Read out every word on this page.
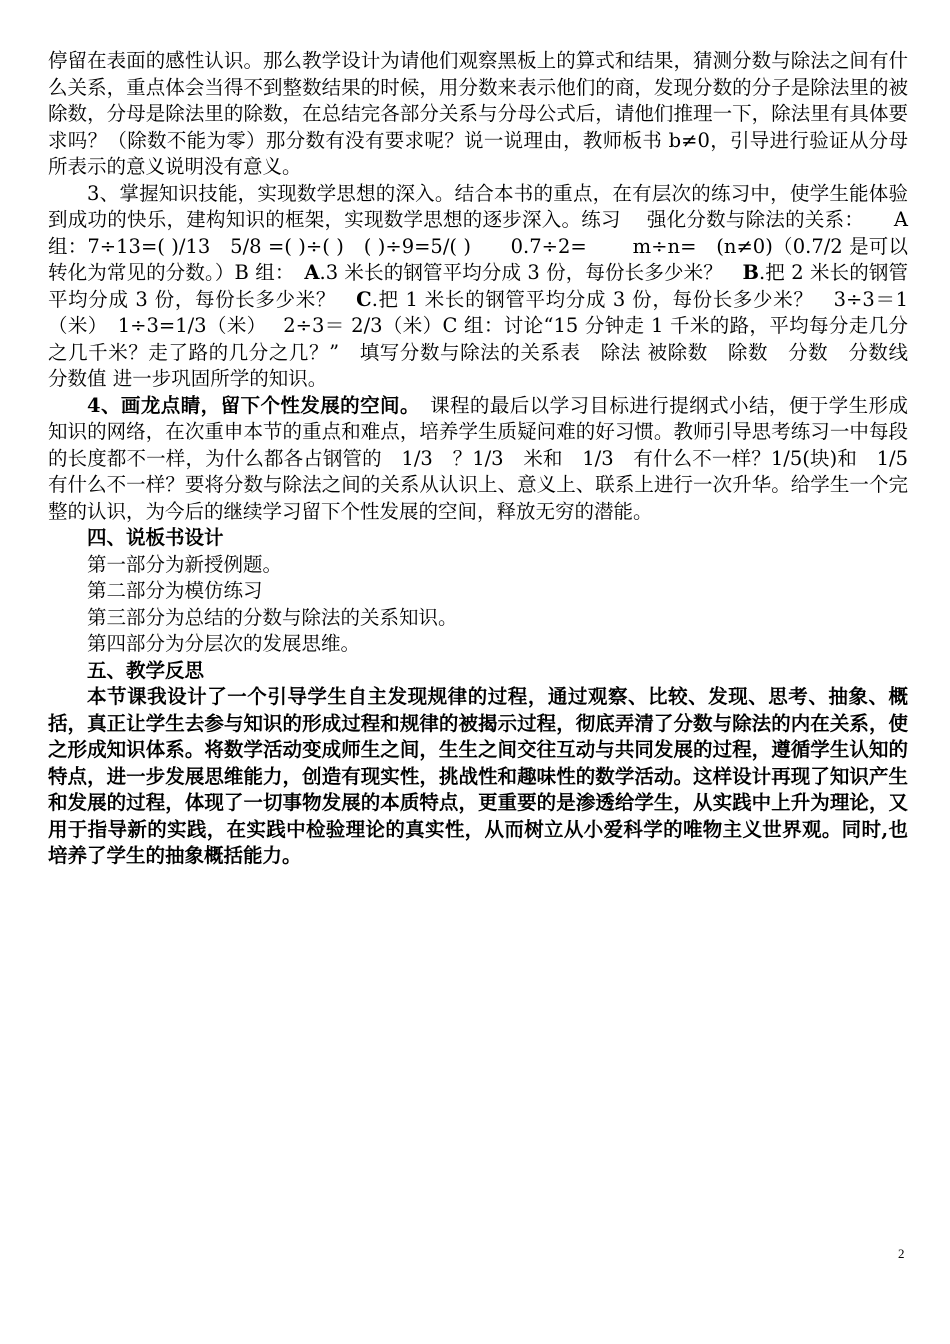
停留在表面的感性认识。那么教学设计为请他们观察黑板上的算式和结果，猜测分数与除法之间有什么关系，重点体会当得不到整数结果的时候，用分数来表示他们的商，发现分数的分子是除法里的被除数，分母是除法里的除数，在总结完各部分关系与分母公式后，请他们推理一下，除法里有具体要求吗？（除数不能为零）那分数有没有要求呢？说一说理由，教师板书 b≠0，引导进行验证从分母所表示的意义说明没有意义。

3、掌握知识技能，实现数学思想的深入。结合本书的重点，在有层次的练习中，使学生能体验到成功的快乐，建构知识的框架，实现数学思想的逐步深入。练习　 强化分数与除法的关系：　　A 组：7÷13=( )/13　5/8 =( )÷( )　( )÷9=5/( )　　0.7÷2=　　 m÷n=　(n≠0)（0.7/2 是可以转化为常见的分数。）B 组：　A.3 米长的钢管平均分成 3 份，每份长多少米？　B.把 2 米长的钢管平均分成 3 份，每份长多少米？　C.把 1 米长的钢管平均分成 3 份，每份长多少米？　3÷3＝1（米）　1÷3=1/3（米）　 2÷3＝ 2/3（米）C 组：讨论“15 分钟走 1 千米的路，平均每分走几分之几千米？走了路的几分之几？”　填写分数与除法的关系表　除法 被除数　除数　分数　分数线　分数值 进一步巩固所学的知识。

4、画龙点睛，留下个性发展的空间。　课程的最后以学习目标进行提纲式小结，便于学生形成知识的网络，在次重申本节的重点和难点，培养学生质疑问难的好习惯。教师引导思考练习一中每段的长度都不一样，为什么都各占钢管的　1/3　？1/3　米和　1/3　有什么不一样？1/5(块)和　1/5　有什么不一样？要将分数与除法之间的关系从认识上、意义上、联系上进行一次升华。给学生一个完整的认识，为今后的继续学习留下个性发展的空间，释放无穷的潜能。

四、说板书设计

第一部分为新授例题。

第二部分为模仿练习

第三部分为总结的分数与除法的关系知识。

第四部分为分层次的发展思维。

五、教学反思

本节课我设计了一个引导学生自主发现规律的过程，通过观察、比较、发现、思考、抽象、概括，真正让学生去参与知识的形成过程和规律的被揭示过程，彻底弄清了分数与除法的内在关系，使之形成知识体系。将数学活动变成师生之间，生生之间交往互动与共同发展的过程，遵循学生认知的特点，进一步发展思维能力，创造有现实性，挑战性和趣味性的数学活动。这样设计再现了知识产生和发展的过程，体现了一切事物发展的本质特点，更重要的是渗透给学生，从实践中上升为理论，又用于指导新的实践，在实践中检验理论的真实性，从而树立从小爱科学的唯物主义世界观。同时,也培养了学生的抽象概括能力。

2
